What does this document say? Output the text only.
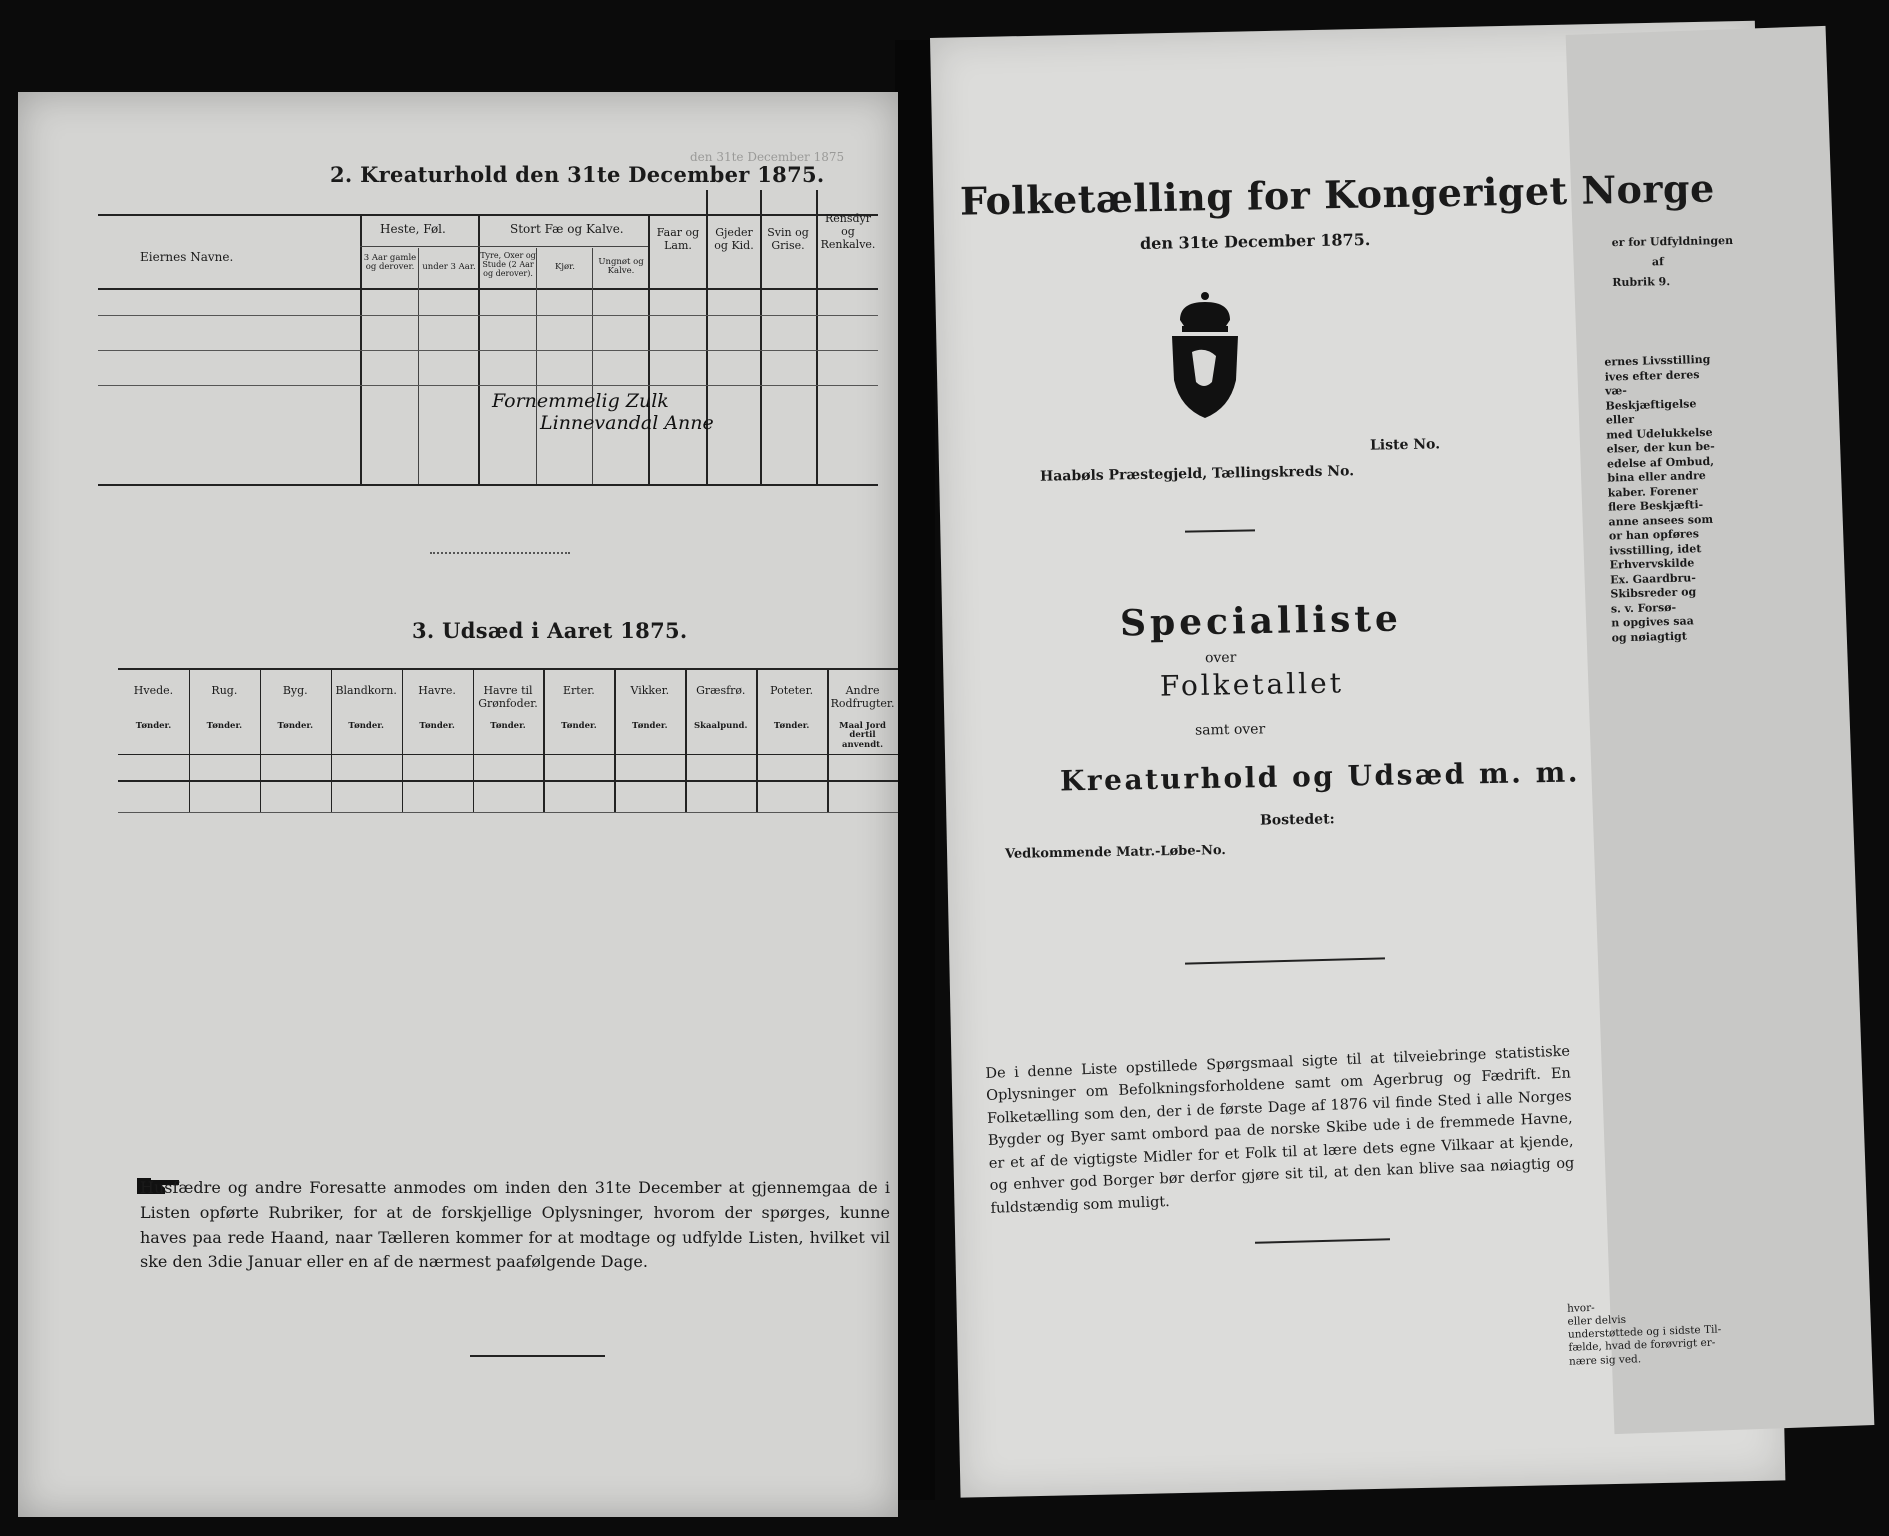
den 31te December 1875
2. Kreaturhold den 31te December 1875.
Eiernes Navne.
Heste, Føl.
3 Aar gamle og derover. under 3 Aar.
Stort Fæ og Kalve.
Tyre, Oxer og Stude (2 Aar og derover).
Kjør.	Ungnøt og Kalve.
Faar og Lam.
Gjeder og Kid.
Svin og Grise.
Rensdyr og Renkalve.
Fornemmelig Zulk
Linnevandal Anne
3. Udsæd i Aaret 1875.
Hvede.
Tønder.
Rug.
Tønder.
Byg.
Tønder.
Blandkorn.
Tønder.
Havre.
Tønder.
Havre til Grønfoder.
Tønder.
Erter.
Tønder.
Vikker.
Tønder.
Græsfrø.
Skaalpund.
Poteter.
Tønder.
Andre Rodfrugter.
Maal Jord dertil anvendt.
Husfædre og andre Foresatte anmodes om inden den 31te December at gjennemgaa de i Listen opførte Rubriker, for at de forskjellige Oplysninger, hvorom der spørges, kunne haves paa rede Haand, naar Tælleren kommer for at modtage og udfylde Listen, hvilket vil ske den 3die Januar eller en af de nærmest paafølgende Dage.
Folketælling for Kongeriget Norge
den 31te December 1875.
Haabøls Præstegjeld, Tællingskreds No.
Liste No.
Specialliste
over
Folketallet
samt over
Kreaturhold og Udsæd m. m.
Bostedet:
Vedkommende Matr.-Løbe-No.
De i denne Liste opstillede Spørgsmaal sigte til at tilveiebringe statistiske Oplysninger om Befolkningsforholdene samt om Agerbrug og Fædrift. En Folketælling som den, der i de første Dage af 1876 vil finde Sted i alle Norges Bygder og Byer samt ombord paa de norske Skibe ude i de fremmede Havne, er et af de vigtigste Midler for et Folk til at lære dets egne Vilkaar at kjende, og enhver god Borger bør derfor gjøre sit til, at den kan blive saa nøiagtig og fuldstændig som muligt.
er for Udfyldningen
af
Rubrik 9.
ernes Livsstilling
ives efter deres væ-
Beskjæftigelse eller
med Udelukkelse
elser, der kun be-
edelse af Ombud,
bina eller andre
kaber. Forener
flere Beskjæfti-
anne ansees som
or han opføres
ivsstilling, idet
Erhvervskilde
Ex. Gaardbru-
Skibsreder og
s. v. Forsø-
n opgives saa
og nøiagtigt
hvor-
eller delvis
understøttede og i sidste Til-
fælde, hvad de forøvrigt er-
nære sig ved.
